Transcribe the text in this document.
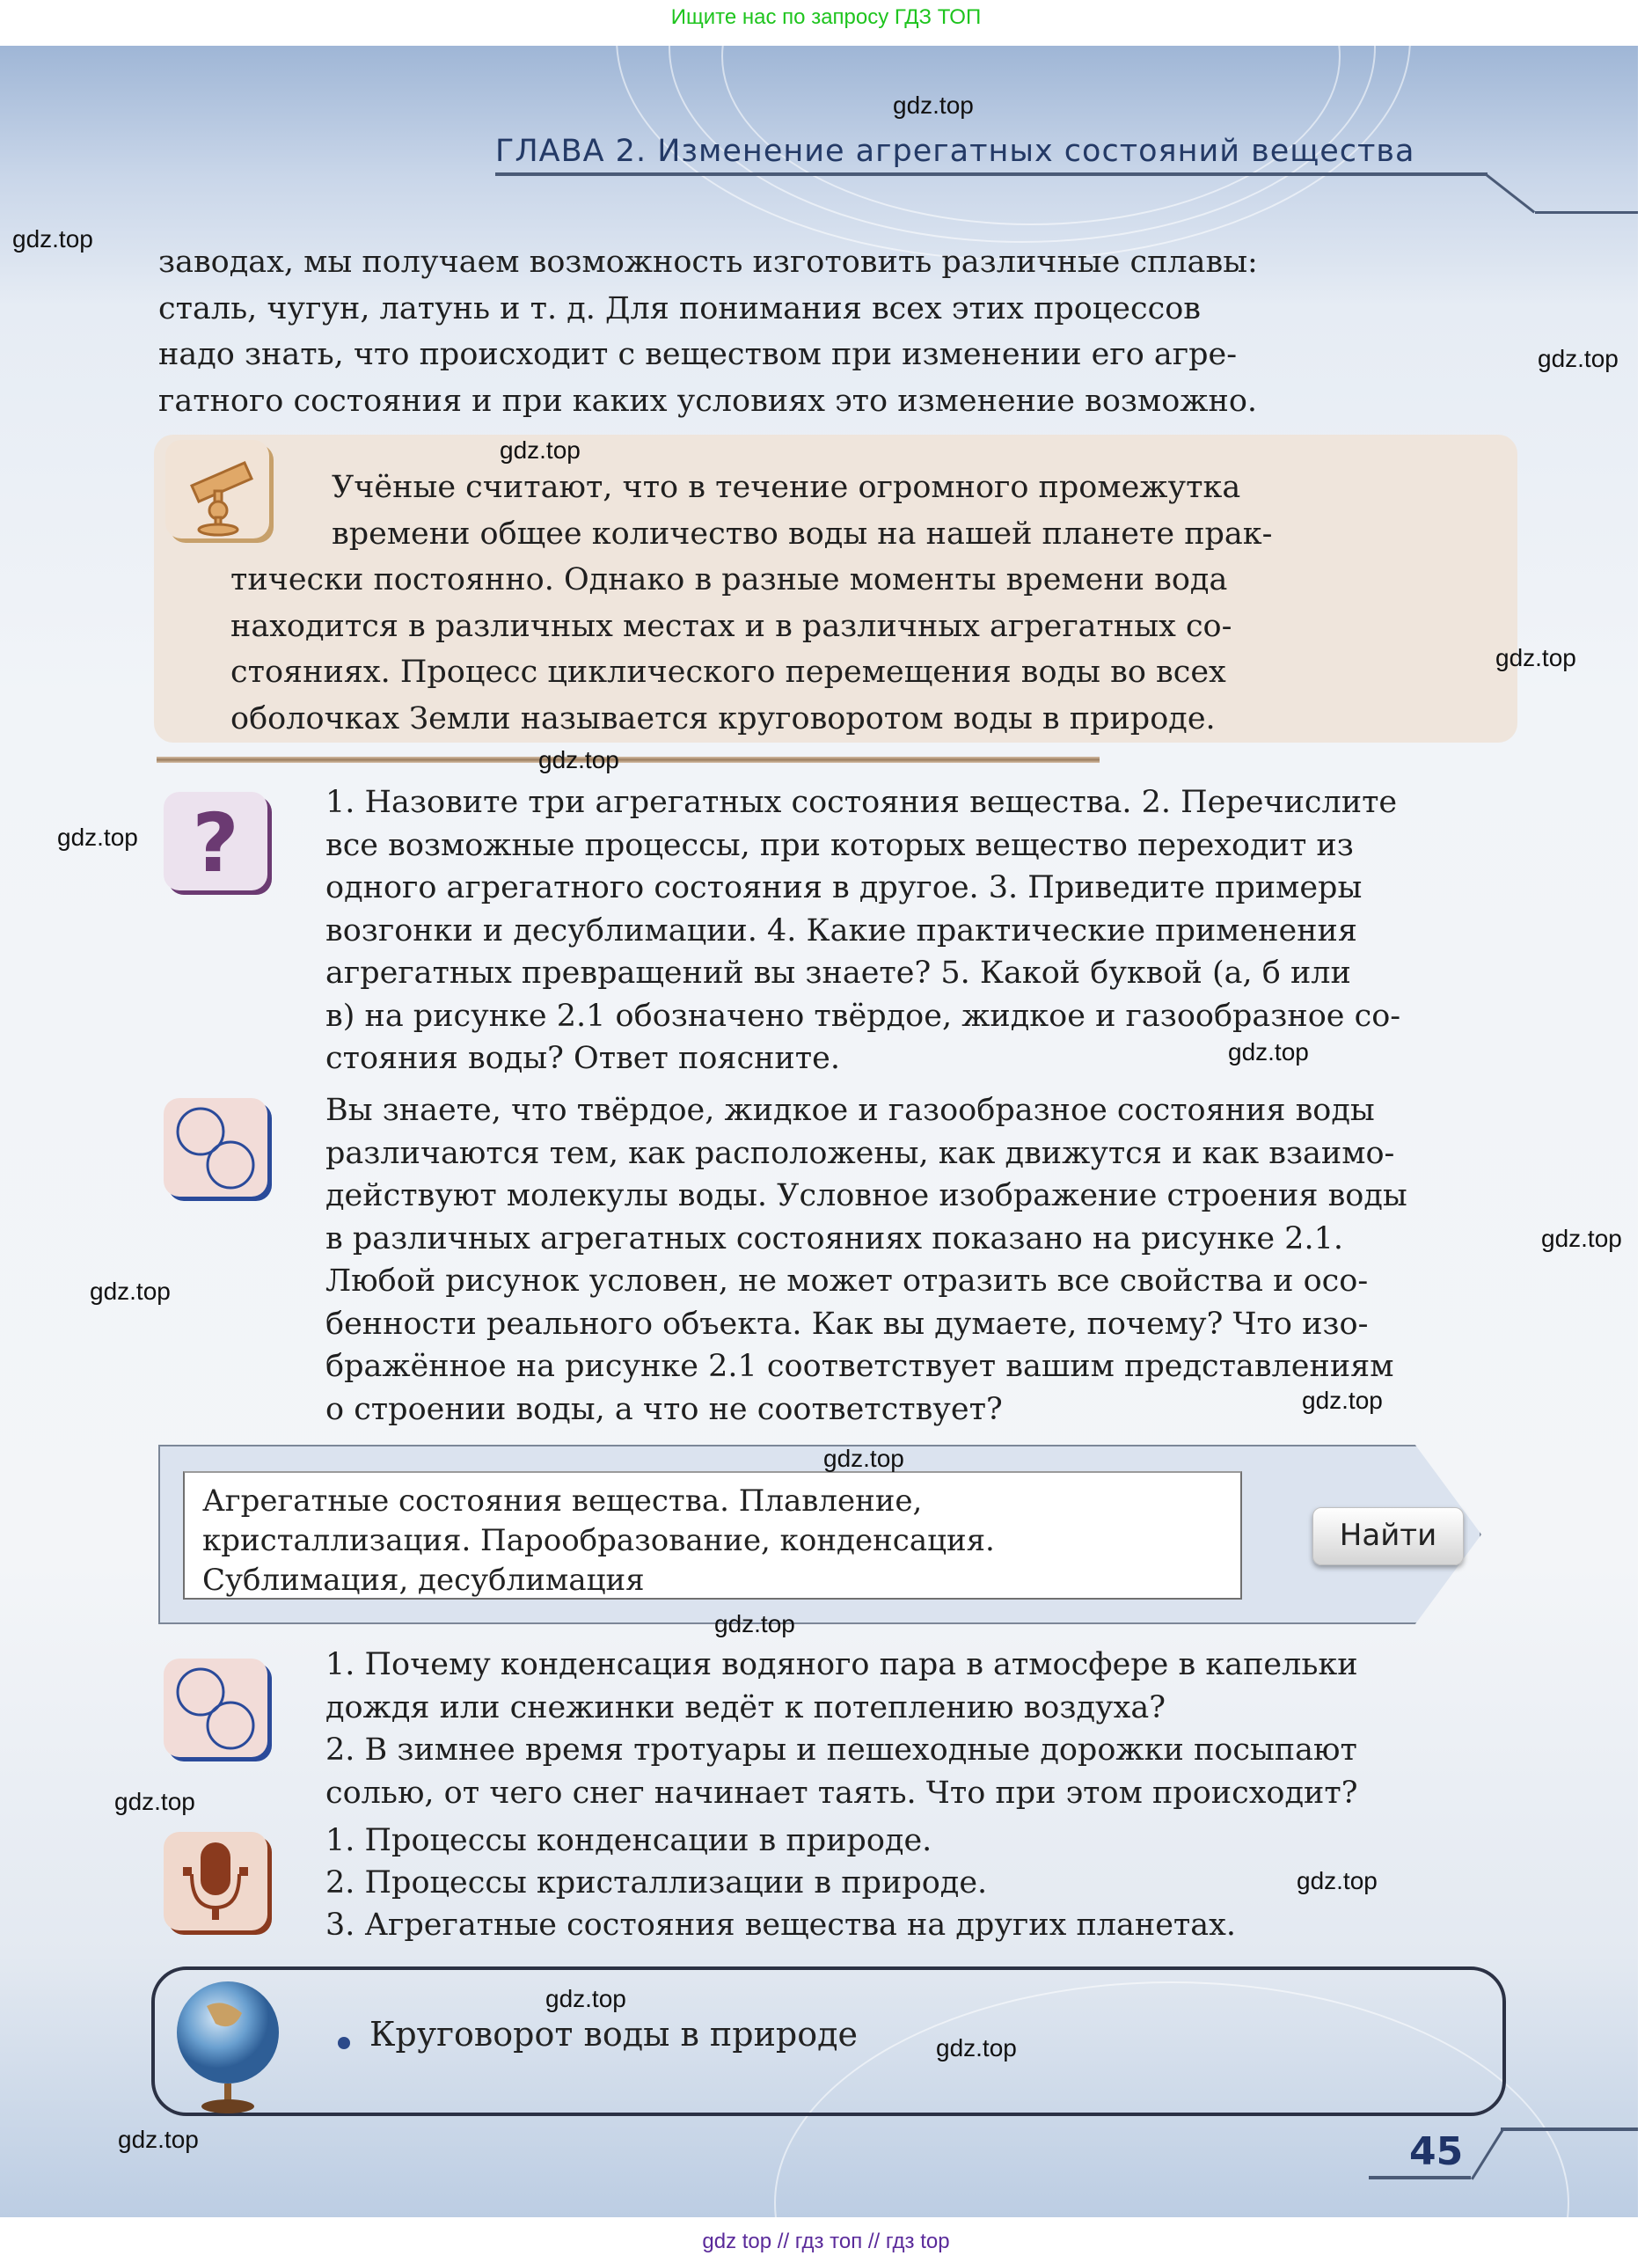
Ищите нас по запросу ГДЗ ТОП
ГЛАВА 2. Изменение агрегатных состояний вещества

заводах, мы получаем возможность изготовить различные сплавы:

сталь, чугун, латунь и т. д. Для понимания всех этих процессов

надо знать, что происходит с веществом при изменении его агре-

гатного состояния и при каких условиях это изменение возможно.

Учёные считают, что в течение огромного промежутка

времени общее количество воды на нашей планете прак-

тически постоянно. Однако в разные моменты времени вода

находится в различных местах и в различных агрегатных со-

стояниях. Процесс циклического перемещения воды во всех

оболочках Земли называется круговоротом воды в природе.

?	1. Назовите три агрегатных состояния вещества. 2. Перечислите

все возможные процессы, при которых вещество переходит из

одного агрегатного состояния в другое. 3. Приведите примеры

возгонки и десублимации. 4. Какие практические применения

агрегатных превращений вы знаете? 5. Какой буквой (а, б или

в) на рисунке 2.1 обозначено твёрдое, жидкое и газообразное со-

стояния воды? Ответ поясните.

Вы знаете, что твёрдое, жидкое и газообразное состояния воды

различаются тем, как расположены, как движутся и как взаимо-

действуют молекулы воды. Условное изображение строения воды

в различных агрегатных состояниях показано на рисунке 2.1.

Любой рисунок условен, не может отразить все свойства и осо-

бенности реального объекта. Как вы думаете, почему? Что изо-

бражённое на рисунке 2.1 соответствует вашим представлениям

о строении воды, а что не соответствует?

Агрегатные состояния вещества. Плавление,
кристаллизация. Парообразование, конденсация.
Сублимация, десублимация
Найти

1. Почему конденсация водяного пара в атмосфере в капельки

дождя или снежинки ведёт к потеплению воздуха?

2. В зимнее время тротуары и пешеходные дорожки посыпают

солью, от чего снег начинает таять. Что при этом происходит?

1. Процессы конденсации в природе.

2. Процессы кристаллизации в природе.

3. Агрегатные состояния вещества на других планетах.

Круговорот воды в природе
45
gdz.top
gdz.top
gdz.top
gdz.top
gdz.top
gdz.top
gdz.top
gdz.top
gdz.top
gdz.top
gdz.top
gdz.top
gdz.top
gdz.top
gdz.top
gdz.top
gdz.top
gdz.top
gdz top // гдз топ // гдз top
